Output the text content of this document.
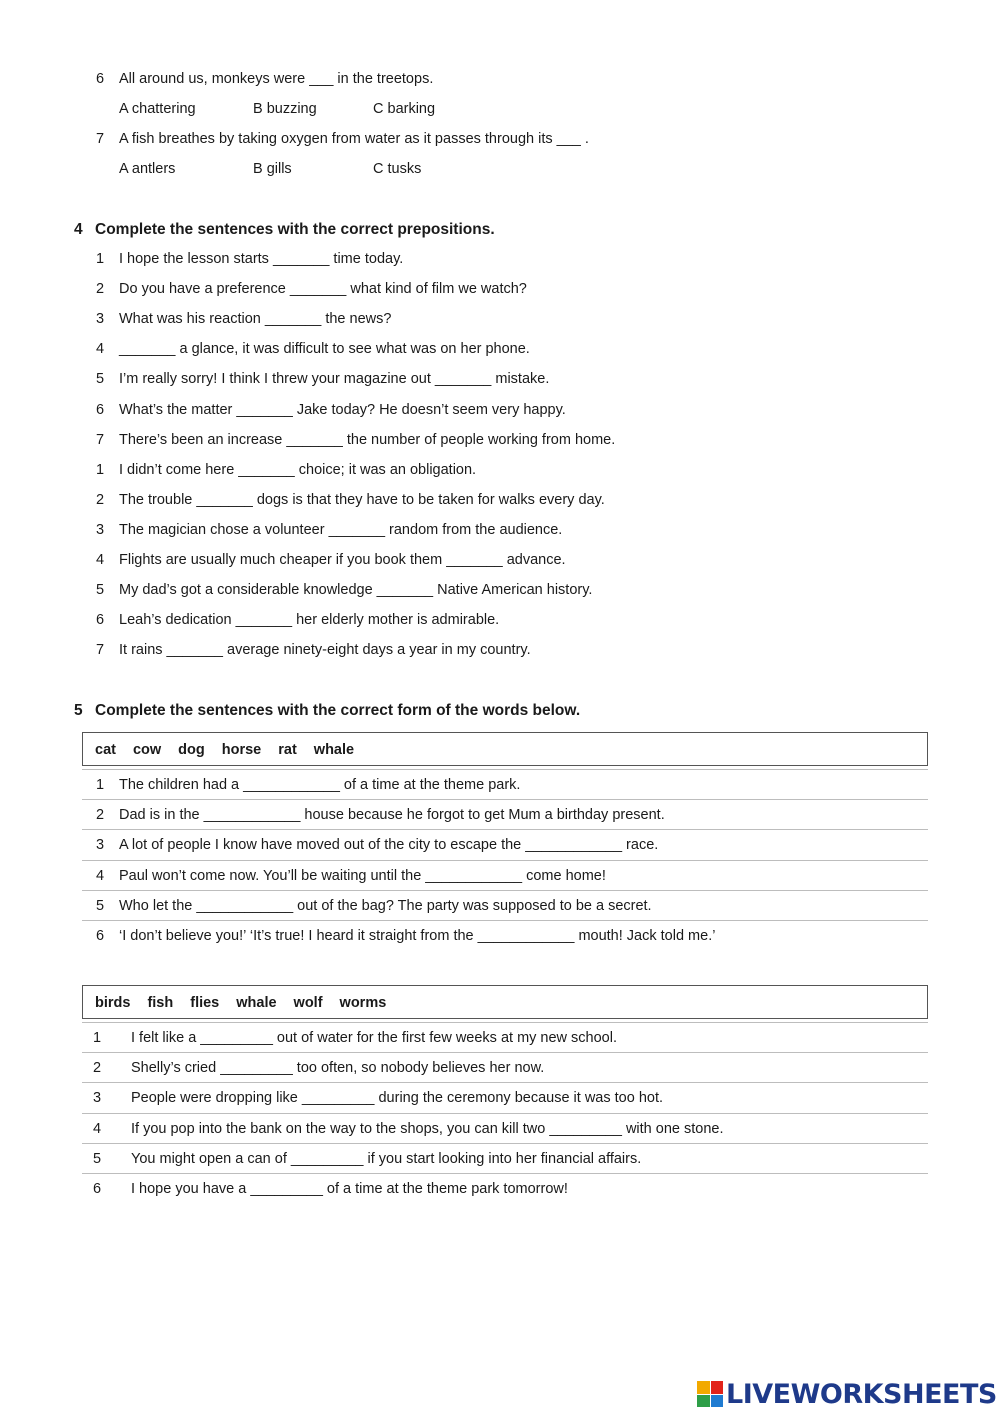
6 All around us, monkeys were ___ in the treetops.
A chattering	B buzzing	C barking
7 A fish breathes by taking oxygen from water as it passes through its ___ .
A antlers	B gills	C tusks
4 Complete the sentences with the correct prepositions.
1 I hope the lesson starts _______ time today.
2 Do you have a preference _______ what kind of film we watch?
3 What was his reaction _______ the news?
4 _______ a glance, it was difficult to see what was on her phone.
5 I’m really sorry! I think I threw your magazine out _______ mistake.
6 What’s the matter _______ Jake today? He doesn’t seem very happy.
7 There’s been an increase _______ the number of people working from home.
1 I didn’t come here _______ choice; it was an obligation.
2 The trouble _______ dogs is that they have to be taken for walks every day.
3 The magician chose a volunteer _______ random from the audience.
4 Flights are usually much cheaper if you book them _______ advance.
5 My dad’s got a considerable knowledge _______ Native American history.
6 Leah’s dedication _______ her elderly mother is admirable.
7 It rains _______ average ninety-eight days a year in my country.
5 Complete the sentences with the correct form of the words below.
cat cow dog horse rat whale
1 The children had a ____________ of a time at the theme park.
2 Dad is in the ____________ house because he forgot to get Mum a birthday present.
3 A lot of people I know have moved out of the city to escape the ____________ race.
4 Paul won’t come now. You’ll be waiting until the ____________ come home!
5 Who let the ____________ out of the bag? The party was supposed to be a secret.
6 ‘I don’t believe you!’ ‘It’s true! I heard it straight from the ____________ mouth! Jack told me.’
birds fish flies whale wolf worms
1 I felt like a _________ out of water for the first few weeks at my new school.
2 Shelly’s cried _________ too often, so nobody believes her now.
3 People were dropping like _________ during the ceremony because it was too hot.
4 If you pop into the bank on the way to the shops, you can kill two _________ with one stone.
5 You might open a can of _________ if you start looking into her financial affairs.
6 I hope you have a _________ of a time at the theme park tomorrow!
LIVEWORKSHEETS
